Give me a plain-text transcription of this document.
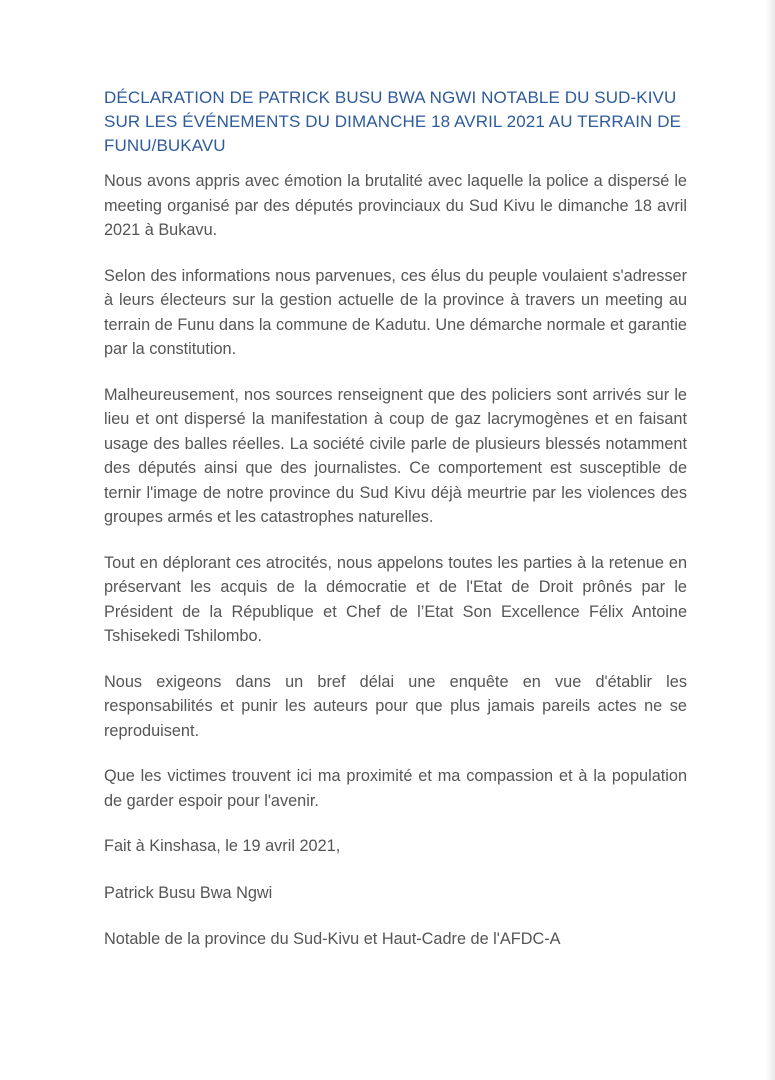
DÉCLARATION DE PATRICK BUSU BWA NGWI NOTABLE DU SUD-KIVU SUR LES ÉVÉNEMENTS DU DIMANCHE 18 AVRIL 2021 AU TERRAIN DE FUNU/BUKAVU

Nous avons appris avec émotion la brutalité avec laquelle la police a dispersé le meeting organisé par des députés provinciaux du Sud Kivu le dimanche 18 avril 2021 à Bukavu.

Selon des informations nous parvenues, ces élus du peuple voulaient s'adresser à leurs électeurs sur la gestion actuelle de la province à travers un meeting au terrain de Funu dans la commune de Kadutu. Une démarche normale et garantie par la constitution.

Malheureusement, nos sources renseignent que des policiers sont arrivés sur le lieu et ont dispersé la manifestation à coup de gaz lacrymogènes et en faisant usage des balles réelles. La société civile parle de plusieurs blessés notamment des députés ainsi que des journalistes. Ce comportement est susceptible de ternir l'image de notre province du Sud Kivu déjà meurtrie par les violences des groupes armés et les catastrophes naturelles.

Tout en déplorant ces atrocités, nous appelons toutes les parties à la retenue en préservant les acquis de la démocratie et de l'Etat de Droit prônés par le Président de la République et Chef de l’Etat Son Excellence Félix Antoine Tshisekedi Tshilombo.

Nous exigeons dans un bref délai une enquête en vue d'établir les responsabilités et punir les auteurs pour que plus jamais pareils actes ne se reproduisent.

Que les victimes trouvent ici ma proximité et ma compassion et à la population de garder espoir pour l'avenir.

Fait à Kinshasa, le 19 avril 2021,

Patrick Busu Bwa Ngwi

Notable de la province du Sud-Kivu et Haut-Cadre de l'AFDC-A
